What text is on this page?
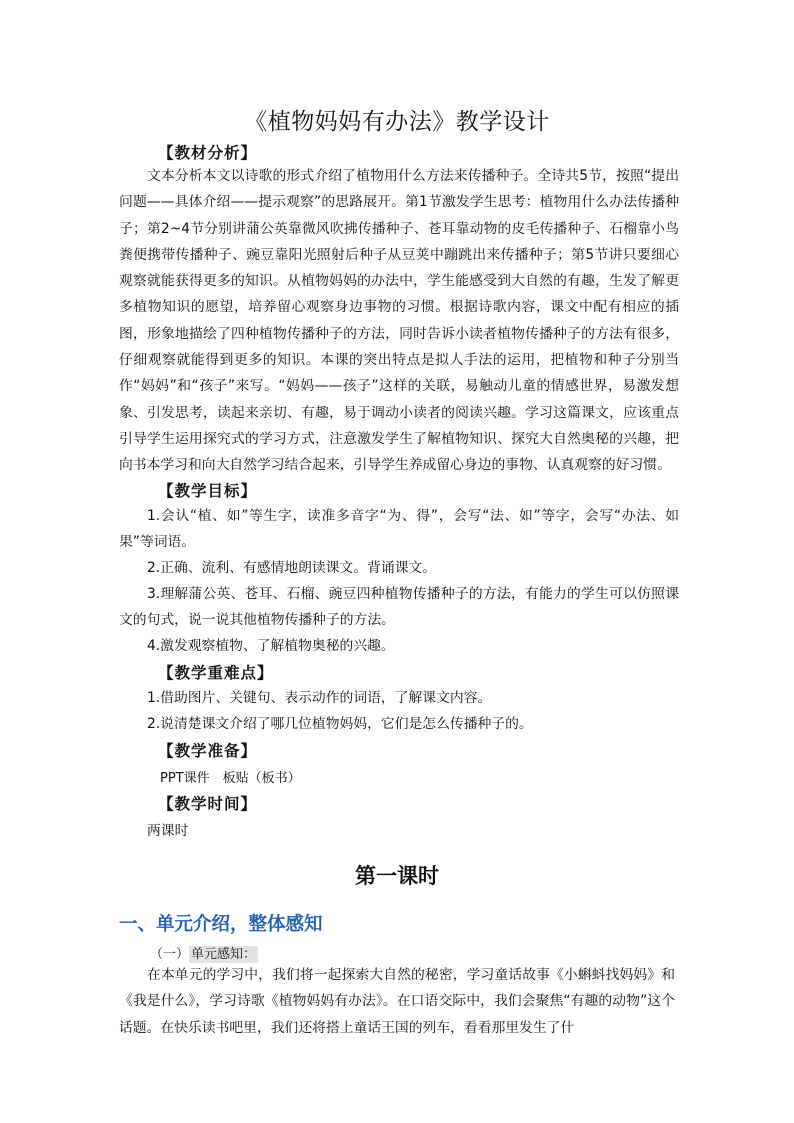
《植物妈妈有办法》教学设计
【教材分析】

文本分析本文以诗歌的形式介绍了植物用什么方法来传播种子。全诗共5节，按照“提出问题——具体介绍——提示观察”的思路展开。第1节激发学生思考：植物用什么办法传播种子；第2~4节分别讲蒲公英靠微风吹拂传播种子、苍耳靠动物的皮毛传播种子、石榴靠小鸟粪便携带传播种子、豌豆靠阳光照射后种子从豆荚中蹦跳出来传播种子；第5节讲只要细心观察就能获得更多的知识。从植物妈妈的办法中，学生能感受到大自然的有趣，生发了解更多植物知识的愿望，培养留心观察身边事物的习惯。根据诗歌内容，课文中配有相应的插图，形象地描绘了四种植物传播种子的方法，同时告诉小读者植物传播种子的方法有很多，仔细观察就能得到更多的知识。本课的突出特点是拟人手法的运用，把植物和种子分别当作“妈妈”和“孩子”来写。“妈妈——孩子”这样的关联，易触动儿童的情感世界，易激发想象、引发思考，读起来亲切、有趣，易于调动小读者的阅读兴趣。学习这篇课文，应该重点引导学生运用探究式的学习方式，注意激发学生了解植物知识、探究大自然奥秘的兴趣，把向书本学习和向大自然学习结合起来，引导学生养成留心身边的事物、认真观察的好习惯。

【教学目标】

1.会认“植、如”等生字，读准多音字“为、得”，会写“法、如”等字，会写“办法、如果”等词语。

2.正确、流利、有感情地朗读课文。背诵课文。

3.理解蒲公英、苍耳、石榴、豌豆四种植物传播种子的方法，有能力的学生可以仿照课文的句式，说一说其他植物传播种子的方法。

4.激发观察植物、了解植物奥秘的兴趣。

【教学重难点】

1.借助图片、关键句、表示动作的词语，了解课文内容。

2.说清楚课文介绍了哪几位植物妈妈，它们是怎么传播种子的。

【教学准备】
PPT课件　板贴（板书）
【教学时间】
两课时
第一课时
一、单元介绍，整体感知
（一） 单元感知：

在本单元的学习中，我们将一起探索大自然的秘密，学习童话故事《小蝌蚪找妈妈》和《我是什么》，学习诗歌《植物妈妈有办法》。在口语交际中，我们会聚焦“有趣的动物”这个话题。在快乐读书吧里，我们还将搭上童话王国的列车，看看那里发生了什
